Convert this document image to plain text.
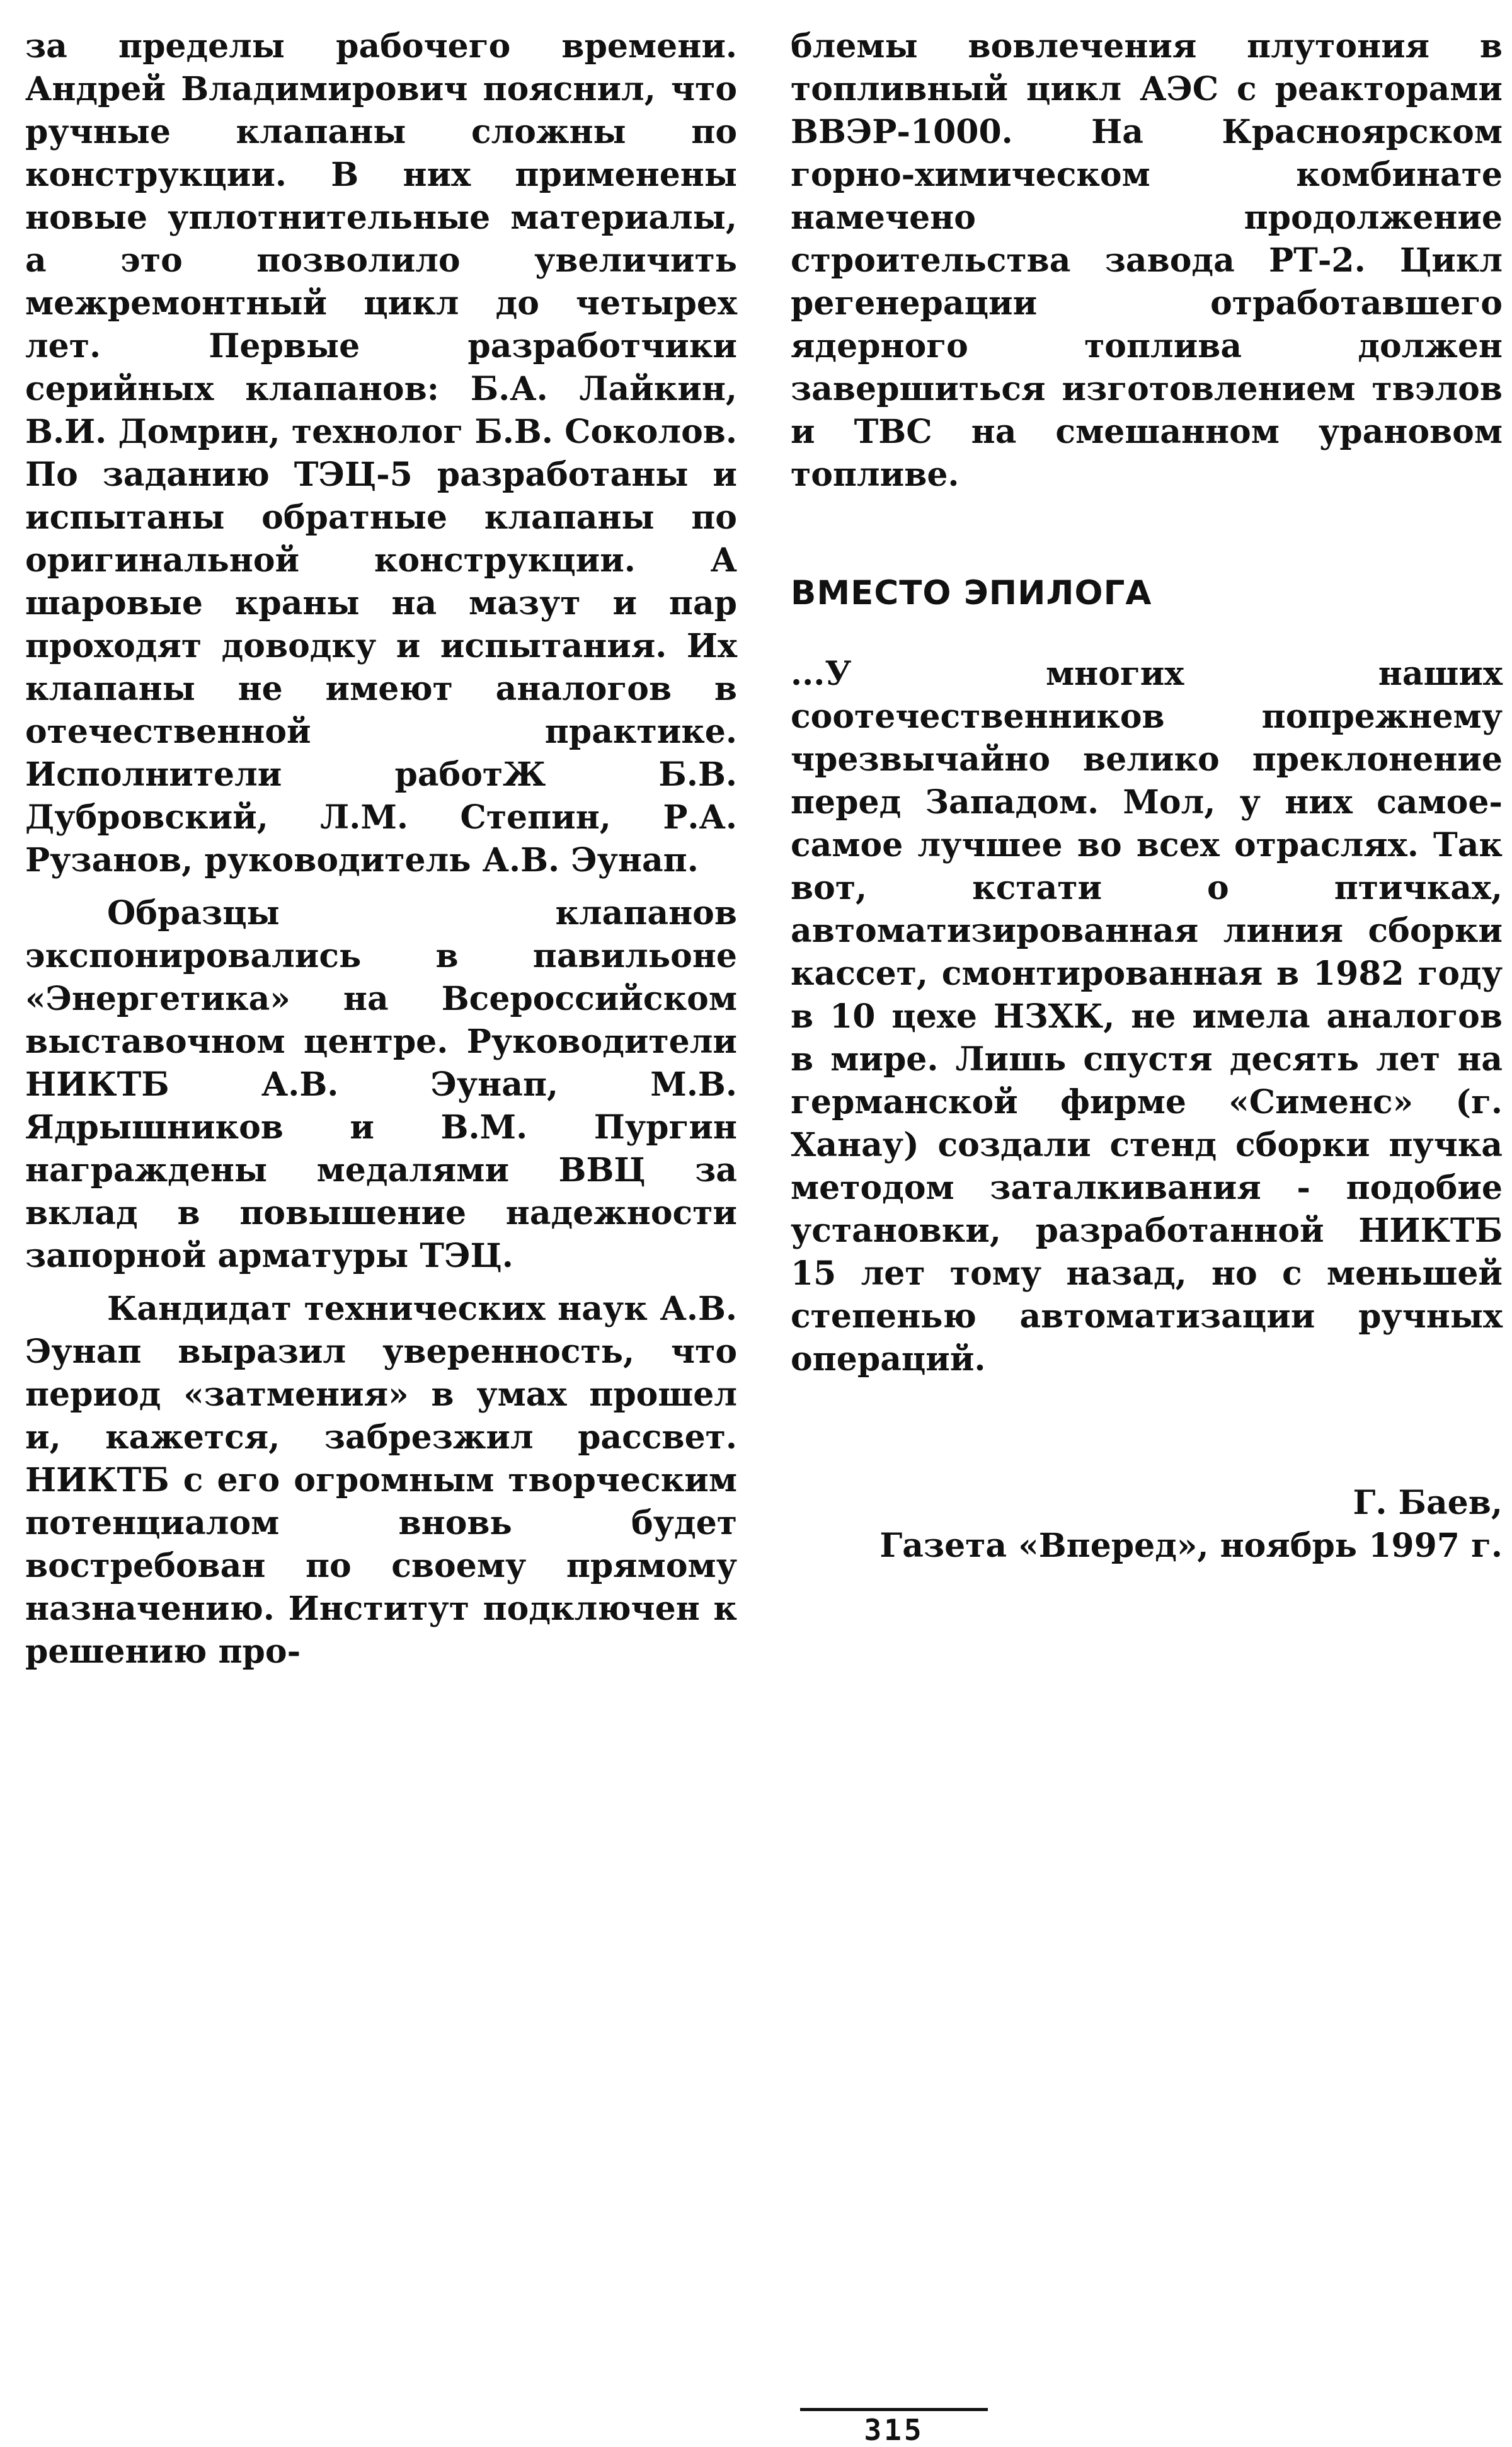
за пределы рабочего времени. Андрей Владимирович пояснил, что ручные клапаны сложны по конструкции. В них применены новые уплотнительные материалы, а это позволило увеличить межремонтный цикл до четырех лет. Первые разработчики серийных клапанов: Б.А. Лайкин, В.И. Домрин, технолог Б.В. Соколов. По заданию ТЭЦ-5 разработаны и испытаны обратные клапаны по оригинальной конструкции. А шаровые краны на мазут и пар проходят доводку и испытания. Их клапаны не имеют аналогов в отечественной практике. Исполнители работЖ Б.В. Дубровский, Л.М. Степин, Р.А. Рузанов, руководитель А.В. Эунап.

Образцы клапанов экспонировались в павильоне «Энергетика» на Всероссийском выставочном центре. Руководители НИКТБ А.В. Эунап, М.В. Ядрышников и В.М. Пургин награждены медалями ВВЦ за вклад в повышение надежности запорной арматуры ТЭЦ.

Кандидат технических наук А.В. Эунап выразил уверенность, что период «затмения» в умах прошел и, кажется, забрезжил рассвет. НИКТБ с его огромным творческим потенциалом вновь будет востребован по своему прямому назначению. Институт подключен к решению про-

блемы вовлечения плутония в топливный цикл АЭС с реакторами ВВЭР-1000. На Красноярском горно-химическом комбинате намечено продолжение строительства завода РТ-2. Цикл регенерации отработавшего ядерного топлива должен завершиться изготовлением твэлов и ТВС на смешанном урановом топливе.

ВМЕСТО ЭПИЛОГА

...У многих наших соотечественников попрежнему чрезвычайно велико преклонение перед Западом. Мол, у них самое-самое лучшее во всех отраслях. Так вот, кстати о птичках, автоматизированная линия сборки кассет, смонтированная в 1982 году в 10 цехе НЗХК, не имела аналогов в мире. Лишь спустя десять лет на германской фирме «Сименс» (г. Ханау) создали стенд сборки пучка методом заталкивания - подобие установки, разработанной НИКТБ 15 лет тому назад, но с меньшей степенью автоматизации ручных операций.

Г. Баев,
Газета «Вперед», ноябрь 1997 г.

315
